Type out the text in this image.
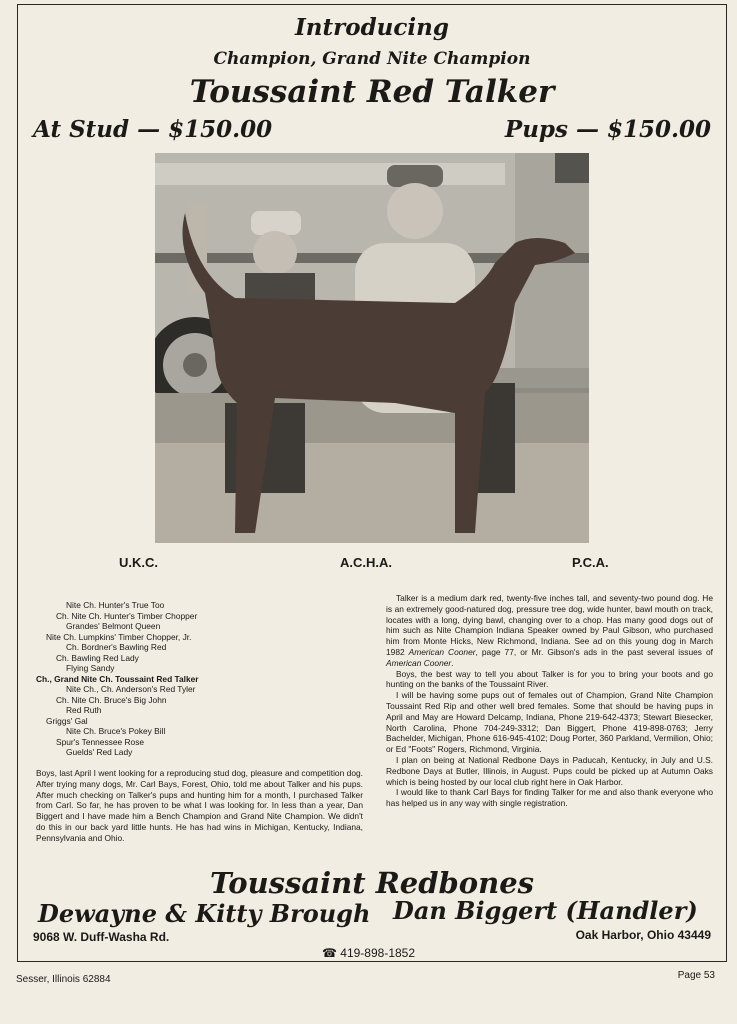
Introducing
Champion, Grand Nite Champion
Toussaint Red Talker
At Stud — $150.00	Pups — $150.00
U.K.C.	A.C.H.A.	P.C.A.
Nite Ch. Hunter's True Too
Ch. Nite Ch. Hunter's Timber Chopper
Grandes' Belmont Queen
Nite Ch. Lumpkins' Timber Chopper, Jr.
Ch. Bordner's Bawling Red
Ch. Bawling Red Lady
Flying Sandy
Ch., Grand Nite Ch. Toussaint Red Talker
Nite Ch., Ch. Anderson's Red Tyler
Ch. Nite Ch. Bruce's Big John
Red Ruth
Griggs' Gal
Nite Ch. Bruce's Pokey Bill
Spur's Tennessee Rose
Guelds' Red Lady
Boys, last April I went looking for a reproducing stud dog, pleasure and competition dog. After trying many dogs, Mr. Carl Bays, Forest, Ohio, told me about Talker and his pups. After much checking on Talker's pups and hunting him for a month, I purchased Talker from Carl. So far, he has proven to be what I was looking for. In less than a year, Dan Biggert and I have made him a Bench Champion and Grand Nite Champion. We didn't do this in our back yard little hunts. He has had wins in Michigan, Kentucky, Indiana, Pennsylvania and Ohio.

Talker is a medium dark red, twenty-five inches tall, and seventy-two pound dog. He is an extremely good-natured dog, pressure tree dog, wide hunter, bawl mouth on track, locates with a long, dying bawl, changing over to a chop. Has many good dogs out of him such as Nite Champion Indiana Speaker owned by Paul Gibson, who purchased him from Monte Hicks, New Richmond, Indiana. See ad on this young dog in March 1982 American Cooner, page 77, or Mr. Gibson's ads in the past several issues of American Cooner.

Boys, the best way to tell you about Talker is for you to bring your boots and go hunting on the banks of the Toussaint River.

I will be having some pups out of females out of Champion, Grand Nite Champion Toussaint Red Rip and other well bred females. Some that should be having pups in April and May are Howard Delcamp, Indiana, Phone 219-642-4373; Stewart Biesecker, North Carolina, Phone 704-249-3312; Dan Biggert, Phone 419-898-0763; Jerry Bachelder, Michigan, Phone 616-945-4102; Doug Porter, 360 Parkland, Vermilion, Ohio; or Ed "Foots" Rogers, Richmond, Virginia.

I plan on being at National Redbone Days in Paducah, Kentucky, in July and U.S. Redbone Days at Butler, Illinois, in August. Pups could be picked up at Autumn Oaks which is being hosted by our local club right here in Oak Harbor.

I would like to thank Carl Bays for finding Talker for me and also thank everyone who has helped us in any way with single registration.

Toussaint Redbones
Dewayne & Kitty Brough Dan Biggert (Handler)
9068 W. Duff-Washa Rd.	Oak Harbor, Ohio 43449
☎ 419-898-1852
Sesser, Illinois 62884	Page 53
